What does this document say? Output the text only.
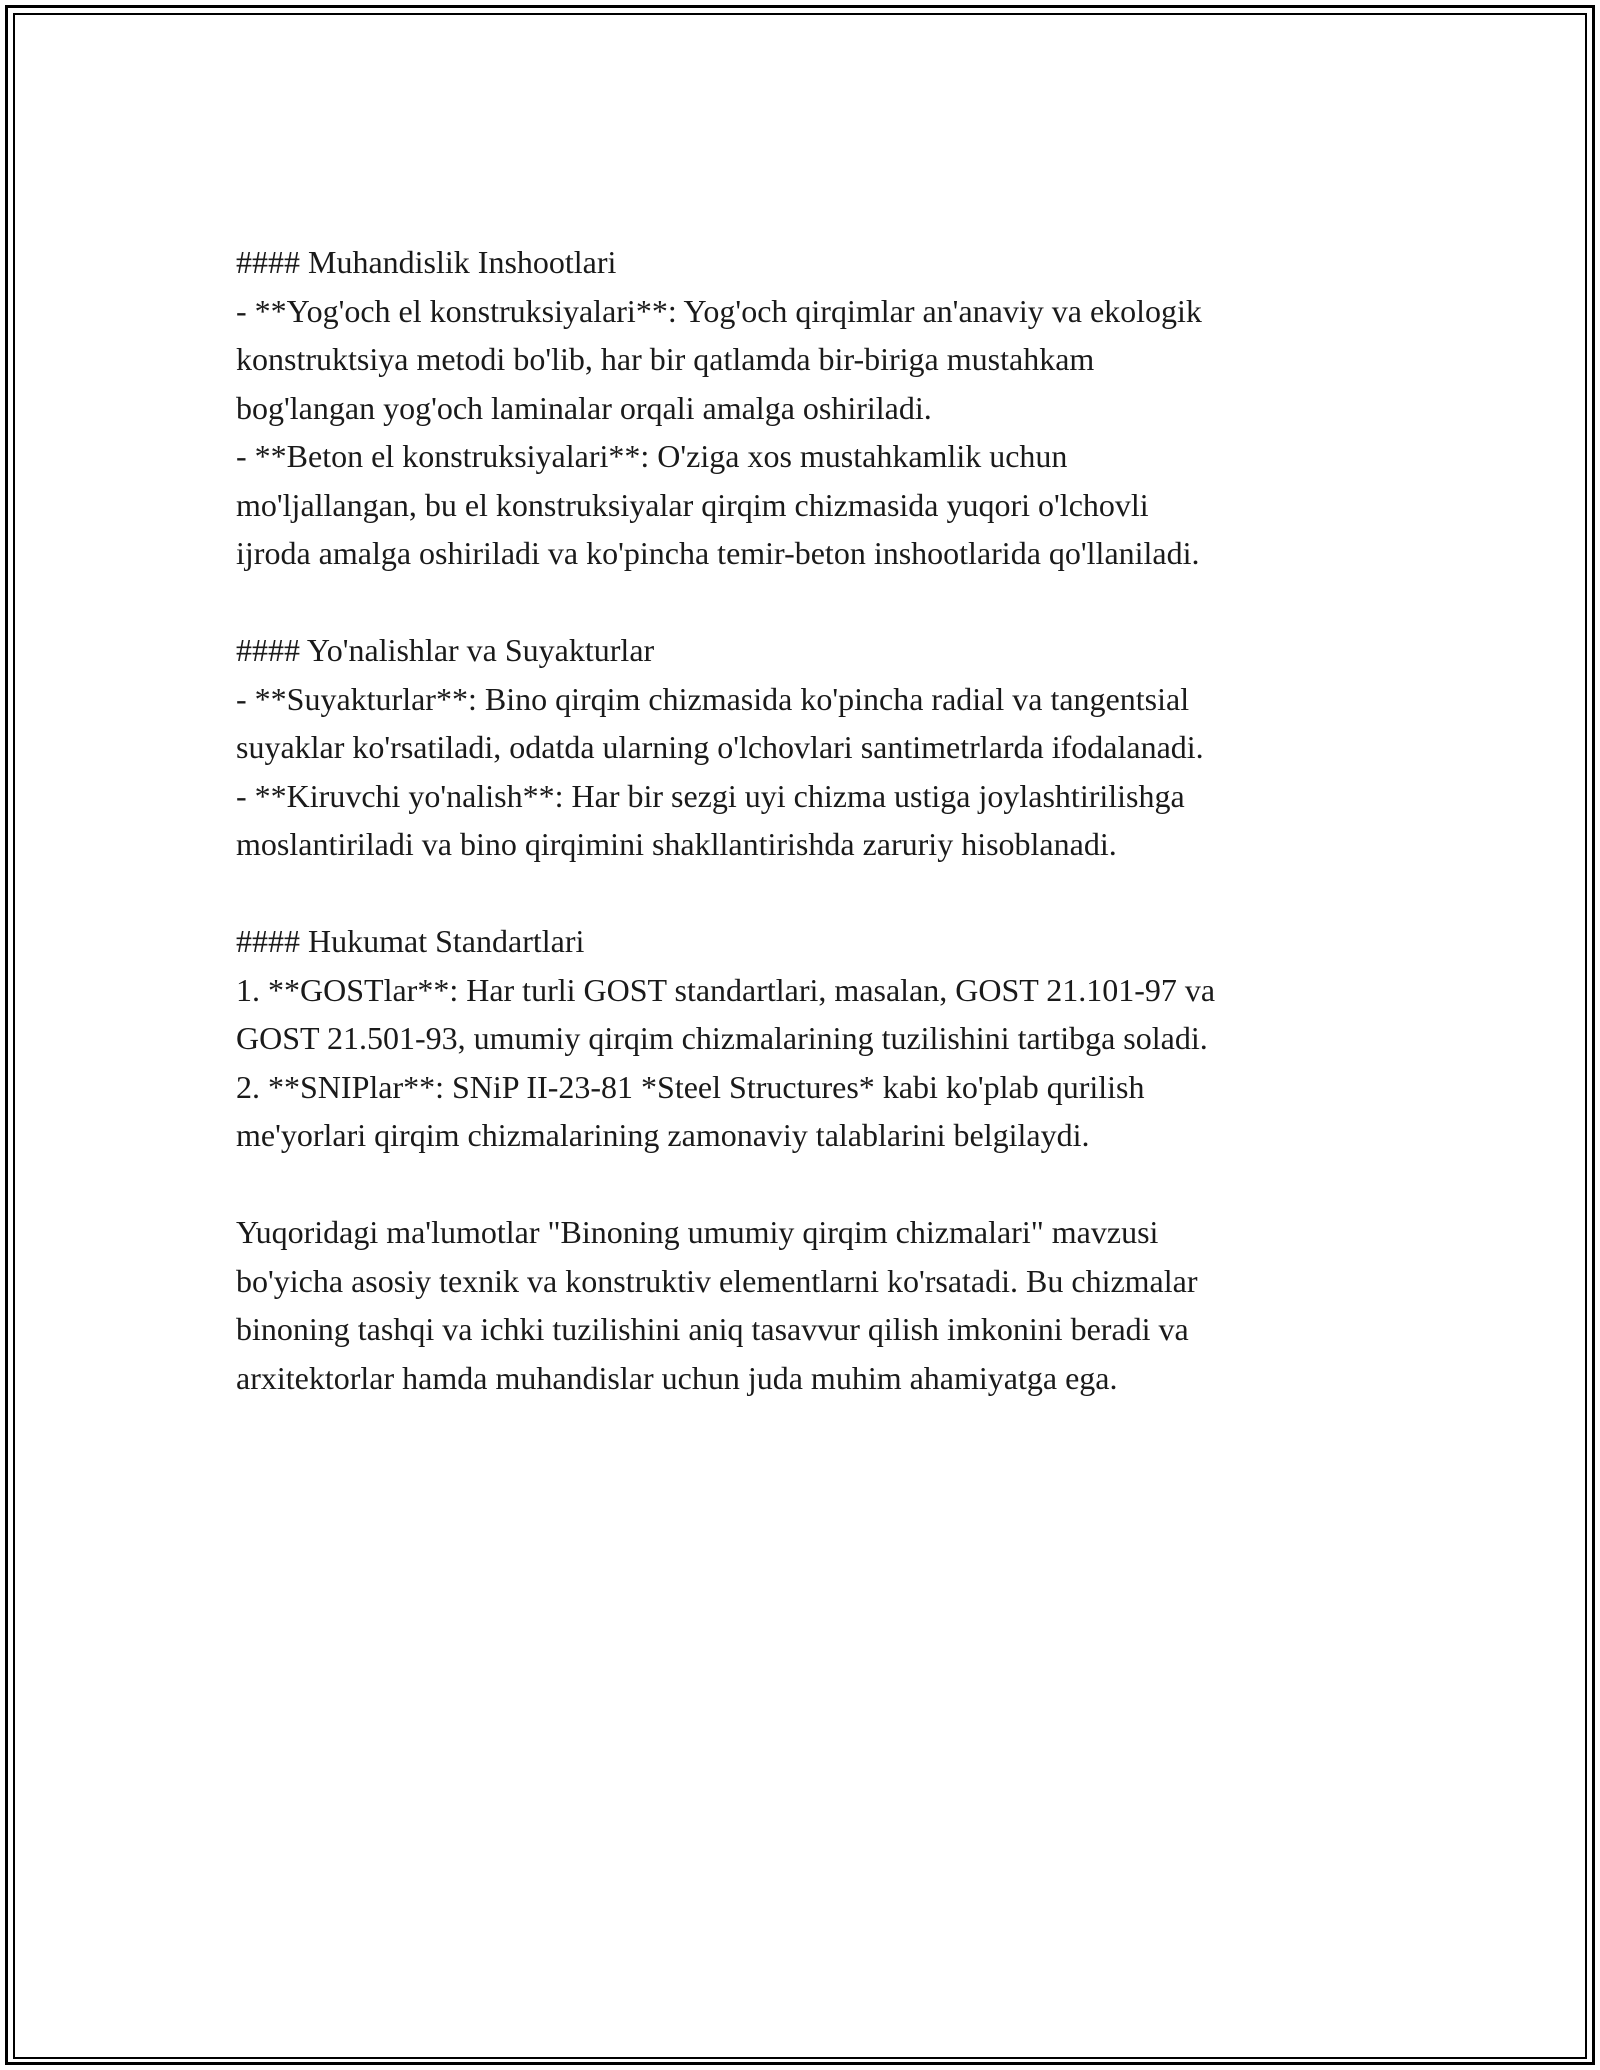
#### Muhandislik Inshootlari
- **Yog'och el konstruksiyalari**: Yog'och qirqimlar an'anaviy va ekologik
konstruktsiya metodi bo'lib, har bir qatlamda bir-biriga mustahkam
bog'langan yog'och laminalar orqali amalga oshiriladi.
- **Beton el konstruksiyalari**: O'ziga xos mustahkamlik uchun
mo'ljallangan, bu el konstruksiyalar qirqim chizmasida yuqori o'lchovli
ijroda amalga oshiriladi va ko'pincha temir-beton inshootlarida qo'llaniladi.
#### Yo'nalishlar va Suyakturlar
- **Suyakturlar**: Bino qirqim chizmasida ko'pincha radial va tangentsial
suyaklar ko'rsatiladi, odatda ularning o'lchovlari santimetrlarda ifodalanadi.
- **Kiruvchi yo'nalish**: Har bir sezgi uyi chizma ustiga joylashtirilishga
moslantiriladi va bino qirqimini shakllantirishda zaruriy hisoblanadi.
#### Hukumat Standartlari
1. **GOSTlar**: Har turli GOST standartlari, masalan, GOST 21.101-97 va
GOST 21.501-93, umumiy qirqim chizmalarining tuzilishini tartibga soladi.
2. **SNIPlar**: SNiP II-23-81 *Steel Structures* kabi ko'plab qurilish
me'yorlari qirqim chizmalarining zamonaviy talablarini belgilaydi.
Yuqoridagi ma'lumotlar "Binoning umumiy qirqim chizmalari" mavzusi
bo'yicha asosiy texnik va konstruktiv elementlarni ko'rsatadi. Bu chizmalar
binoning tashqi va ichki tuzilishini aniq tasavvur qilish imkonini beradi va
arxitektorlar hamda muhandislar uchun juda muhim ahamiyatga ega.
